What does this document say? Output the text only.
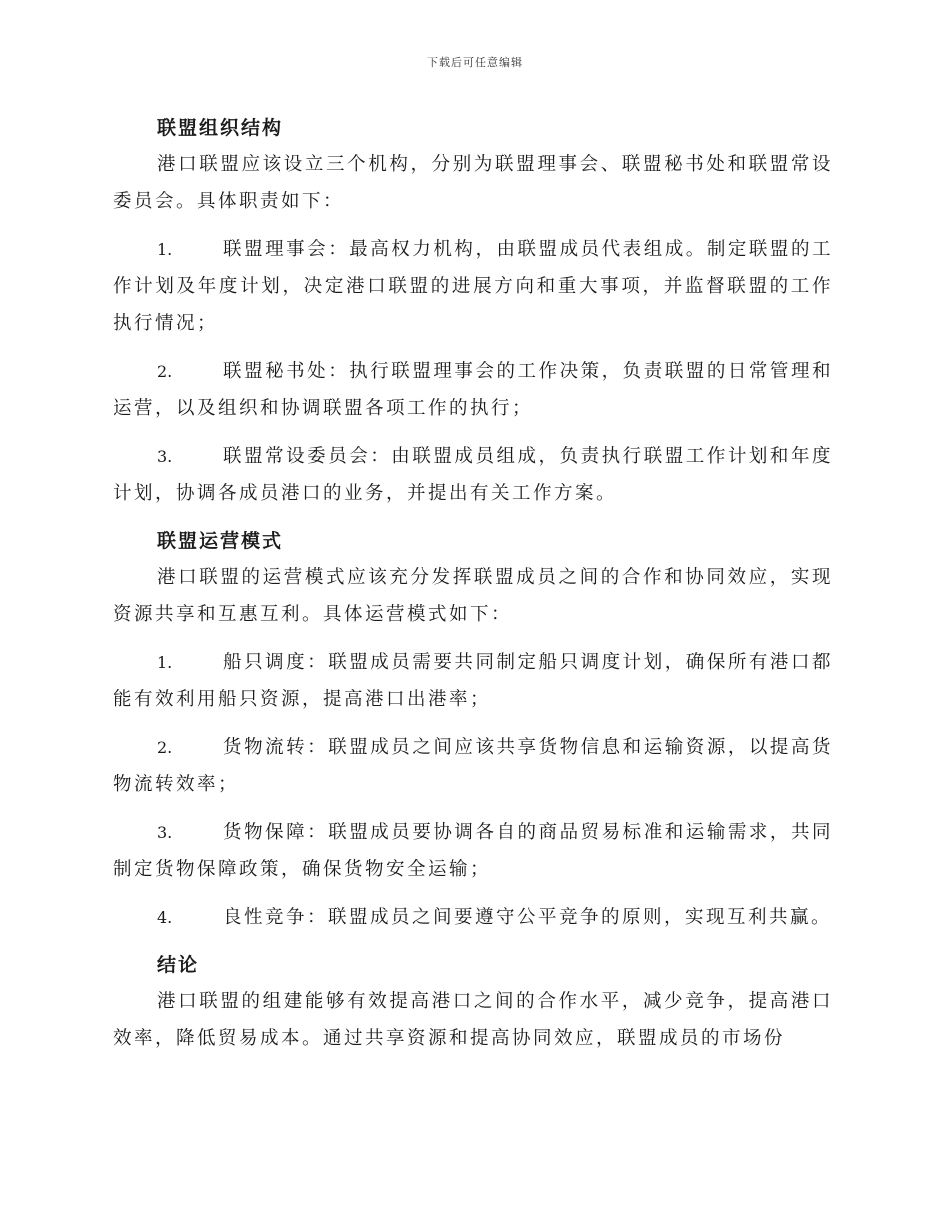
下载后可任意编辑
联盟组织结构

港口联盟应该设立三个机构，分别为联盟理事会、联盟秘书处和联盟常设委员会。具体职责如下：

1.	联盟理事会：最高权力机构，由联盟成员代表组成。制定联盟的工作计划及年度计划，决定港口联盟的进展方向和重大事项，并监督联盟的工作执行情况；

2.	联盟秘书处：执行联盟理事会的工作决策，负责联盟的日常管理和运营，以及组织和协调联盟各项工作的执行；

3.	联盟常设委员会：由联盟成员组成，负责执行联盟工作计划和年度计划，协调各成员港口的业务，并提出有关工作方案。

联盟运营模式

港口联盟的运营模式应该充分发挥联盟成员之间的合作和协同效应，实现资源共享和互惠互利。具体运营模式如下：

1.	船只调度：联盟成员需要共同制定船只调度计划，确保所有港口都能有效利用船只资源，提高港口出港率；

2.	货物流转：联盟成员之间应该共享货物信息和运输资源，以提高货物流转效率；

3.	货物保障：联盟成员要协调各自的商品贸易标准和运输需求，共同制定货物保障政策，确保货物安全运输；

4.	良性竞争：联盟成员之间要遵守公平竞争的原则，实现互利共赢。

结论

港口联盟的组建能够有效提高港口之间的合作水平，减少竞争，提高港口效率，降低贸易成本。通过共享资源和提高协同效应，联盟成员的市场份
